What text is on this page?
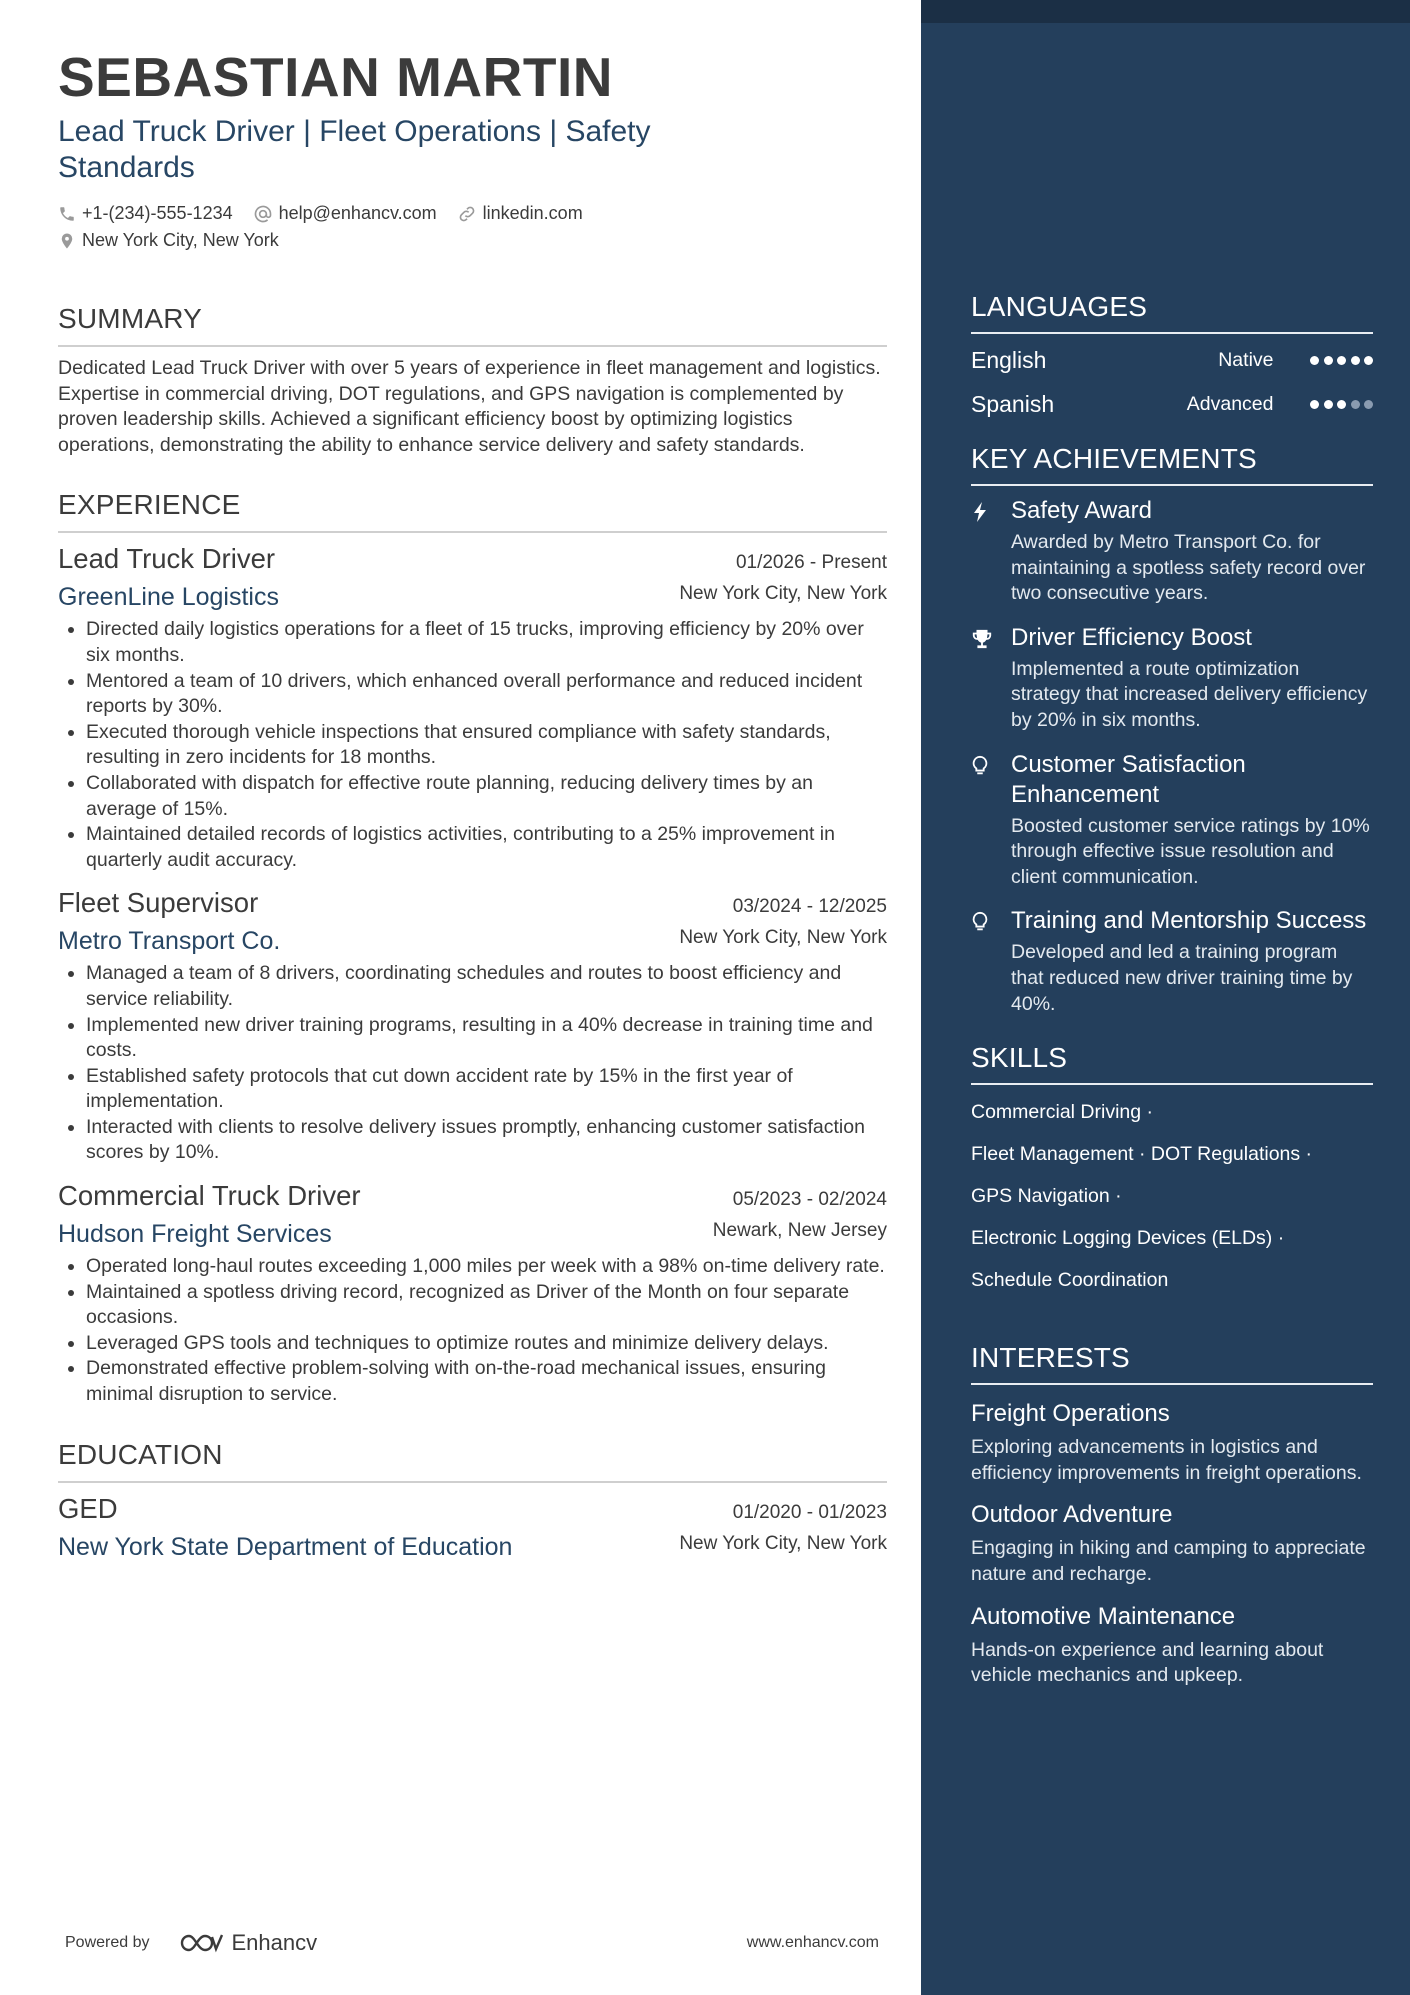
SEBASTIAN MARTIN
Lead Truck Driver | Fleet Operations | Safety Standards
+1-(234)-555-1234	help@enhancv.com	linkedin.com
New York City, New York
SUMMARY

Dedicated Lead Truck Driver with over 5 years of experience in fleet management and logistics. Expertise in commercial driving, DOT regulations, and GPS navigation is complemented by proven leadership skills. Achieved a significant efficiency boost by optimizing logistics operations, demonstrating the ability to enhance service delivery and safety standards.

EXPERIENCE
Lead Truck Driver	01/2026 - Present
GreenLine Logistics	New York City, New York
• Directed daily logistics operations for a fleet of 15 trucks, improving efficiency by 20% over six months.
• Mentored a team of 10 drivers, which enhanced overall performance and reduced incident reports by 30%.
• Executed thorough vehicle inspections that ensured compliance with safety standards, resulting in zero incidents for 18 months.
• Collaborated with dispatch for effective route planning, reducing delivery times by an average of 15%.
• Maintained detailed records of logistics activities, contributing to a 25% improvement in quarterly audit accuracy.
Fleet Supervisor	03/2024 - 12/2025
Metro Transport Co.	New York City, New York
• Managed a team of 8 drivers, coordinating schedules and routes to boost efficiency and service reliability.
• Implemented new driver training programs, resulting in a 40% decrease in training time and costs.
• Established safety protocols that cut down accident rate by 15% in the first year of implementation.
• Interacted with clients to resolve delivery issues promptly, enhancing customer satisfaction scores by 10%.
Commercial Truck Driver	05/2023 - 02/2024
Hudson Freight Services	Newark, New Jersey
• Operated long-haul routes exceeding 1,000 miles per week with a 98% on-time delivery rate.
• Maintained a spotless driving record, recognized as Driver of the Month on four separate occasions.
• Leveraged GPS tools and techniques to optimize routes and minimize delivery delays.
• Demonstrated effective problem-solving with on-the-road mechanical issues, ensuring minimal disruption to service.
EDUCATION
GED	01/2020 - 01/2023
New York State Department of Education	New York City, New York
Powered by	Enhancv	www.enhancv.com
LANGUAGES
English	Native
Spanish	Advanced
KEY ACHIEVEMENTS
Safety Award
Awarded by Metro Transport Co. for maintaining a spotless safety record over two consecutive years.
Driver Efficiency Boost
Implemented a route optimization strategy that increased delivery efficiency by 20% in six months.
Customer Satisfaction Enhancement
Boosted customer service ratings by 10% through effective issue resolution and client communication.
Training and Mentorship Success
Developed and led a training program that reduced new driver training time by 40%.
SKILLS
Commercial Driving ·
Fleet Management · DOT Regulations ·
GPS Navigation ·
Electronic Logging Devices (ELDs) ·
Schedule Coordination
INTERESTS
Freight Operations
Exploring advancements in logistics and efficiency improvements in freight operations.
Outdoor Adventure
Engaging in hiking and camping to appreciate nature and recharge.
Automotive Maintenance
Hands-on experience and learning about vehicle mechanics and upkeep.
